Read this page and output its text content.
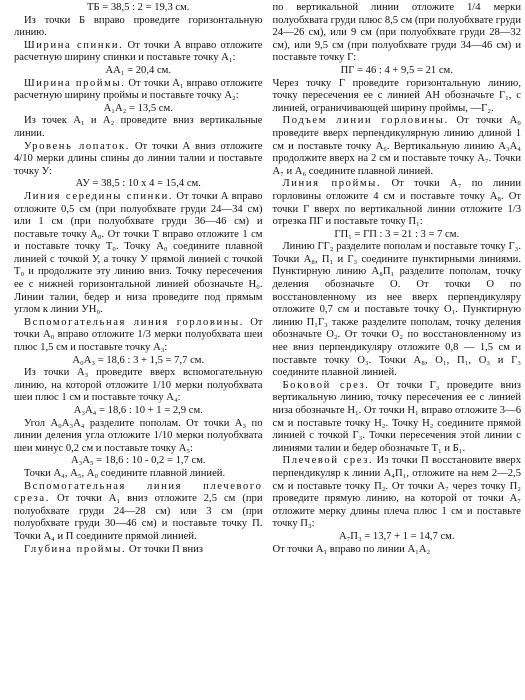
ТБ = 38,5 : 2 = 19,3 см.

Из точки Б вправо проведите горизонтальную линию.

Ширина спинки. От точки А вправо отложите расчетную ширину спинки и поставьте точку А₁:

АА₁ = 20,4 см.

Ширина проймы. От точки А₁ вправо отложите расчетную ширину проймы и поставьте точку А₂:

А₁А₂ = 13,5 см.

Из точек А₁ и А₂ проведите вниз вертикальные линии.

Уровень лопаток. От точки А вниз отложите 4/10 мерки длины спины до линии талии и поставьте точку У:

АУ = 38,5 : 10 х 4 = 15,4 см.

Линия середины спинки. От точки А вправо отложите 0,5 см (при полуобхвате груди 24—34 см) или 1 см (при полуобхвате груди 36—46 см) и поставьте точку А₀. От точки Т вправо отложите 1 см и поставьте точку Т₀. Точку А₀ соедините плавной линией с точкой У, а точку У прямой линией с точкой Т₀ и продолжите эту линию вниз. Точку пересечения ее с нижней горизонтальной линией обозначьте Н₀. Линии талии, бедер и низа проведите под прямым углом к линии УН₀.

Вспомогательная линия горловины. От точки А₀ вправо отложите 1/3 мерки полуобхвата шеи плюс 1,5 см и поставьте точку А₃:

А₀А₃ = 18,6 : 3 + 1,5 = 7,7 см.

Из точки А₃ проведите вверх вспомогательную линию, на которой отложите 1/10 мерки полуобхвата шеи плюс 1 см и поставьте точку А₄:

А₃А₄ = 18,6 : 10 + 1 = 2,9 см.

Угол А₀А₃А₄ разделите пополам. От точки А₃ по линии деления угла отложите 1/10 мерки полуобхвата шеи минус 0,2 см и поставьте точку А₅:

А₃А₅ = 18,6 : 10 - 0,2 = 1,7 см.

Точки А₄, А₅, А₀ соедините плавной линией.

Вспомогательная линия плечевого среза. От точки А₁ вниз отложите 2,5 см (при полуобхвате груди 24—28 см) или 3 см (при полуобхвате груди 30—46 см) и поставьте точку П. Точки А₄ и П соедините прямой линией.

Глубина проймы. От точки П вниз

по вертикальной линии отложите 1/4 мерки полуобхвата груди плюс 8,5 см (при полуобхвате груди 24—26 см), или 9 см (при полуобхвате груди 28—32 см), или 9,5 см (при полуобхвате груди 34—46 см) и поставьте точку Г:

ПГ = 46 : 4 + 9,5 = 21 см.

Через точку Г проведите горизонтальную линию, точку пересечения ее с линией АН обозначьте Г₁, с линией, ограничивающей ширину проймы, —Г₂.

Подъем линии горловины. От точки А₀ проведите вверх перпендикулярную линию длиной 1 см и поставьте точку А₆. Вертикальную линию А₃А₄ продолжите вверх на 2 см и поставьте точку А₇. Точки А₇ и А₆ соедините плавной линией.

Линия проймы. От точки А₇ по линии горловины отложите 4 см и поставьте точку А₈. От точки Г вверх по вертикальной линии отложите 1/3 отрезка ПГ и поставьте точку П₁:

ГП₁ = ГП : 3 = 21 : 3 = 7 см.

Линию ГГ₂ разделите пополам и поставьте точку Г₃. Точки А₈, П₁ и Г₃ соедините пунктирными линиями. Пунктирную линию А₈П₁ разделите пополам, точку деления обозначьте О. От точки О по восстановленному из нее вверх перпендикуляру отложите 0,7 см и поставьте точку О₁. Пунктирную линию П₁Г₃ также разделите пополам, точку деления обозначьте О₂. От точки О₂ по восстановленному из нее вниз перпендикуляру отложите 0,8 — 1,5 см и поставьте точку О₃. Точки А₈, О₁, П₁, О₃ и Г₃ соедините плавной линией.

Боковой срез. От точки Г₃ проведите вниз вертикальную линию, точку пересечения ее с линией низа обозначьте Н₁. От точки Н₁ вправо отложите 3—6 см и поставьте точку Н₂. Точку Н₂ соедините прямой линией с точкой Г₃. Точки пересечения этой линии с линиями талии и бедер обозначьте Т₁ и Б₁.

Плечевой срез. Из точки П восстановите вверх перпендикуляр к линии А₄П₁, отложите на нем 2—2,5 см и поставьте точку П₂. От точки А₇ через точку П₂ проведите прямую линию, на которой от точки А₇ отложите мерку длины плеча плюс 1 см и поставьте точку П₃:

А₇П₃ = 13,7 + 1 = 14,7 см.

От точки А₁ вправо по линии А₁А₂
